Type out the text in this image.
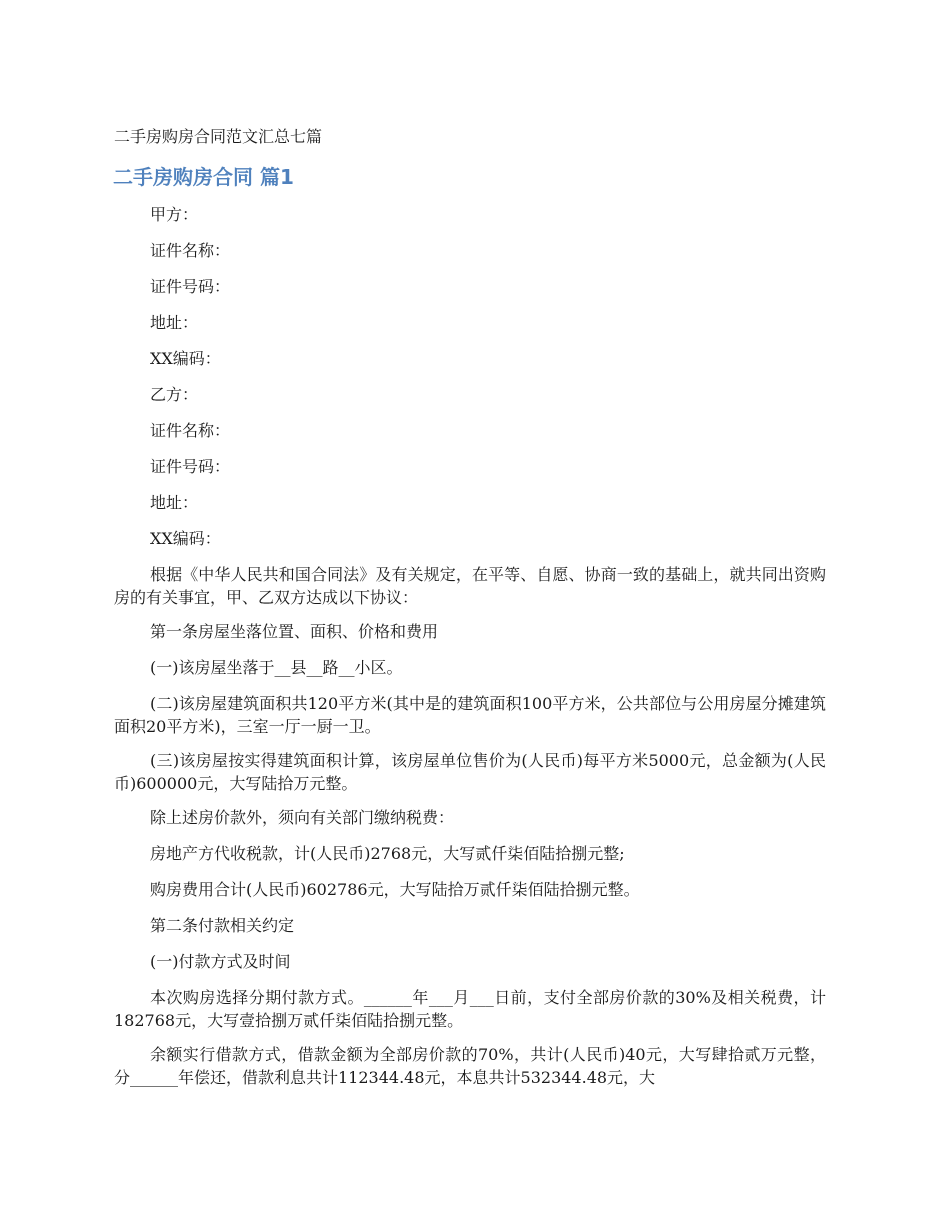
二手房购房合同范文汇总七篇
二手房购房合同 篇1
甲方：
证件名称：
证件号码：
地址：
XX编码：
乙方：
证件名称：
证件号码：
地址：
XX编码：
根据《中华人民共和国合同法》及有关规定，在平等、自愿、协商一致的基础上，就共同出资购房的有关事宜，甲、乙双方达成以下协议：
第一条房屋坐落位置、面积、价格和费用
(一)该房屋坐落于__县__路__小区。
(二)该房屋建筑面积共120平方米(其中是的建筑面积100平方米，公共部位与公用房屋分摊建筑面积20平方米)，三室一厅一厨一卫。
(三)该房屋按实得建筑面积计算，该房屋单位售价为(人民币)每平方米5000元，总金额为(人民币)600000元，大写陆拾万元整。
除上述房价款外，须向有关部门缴纳税费：
房地产方代收税款，计(人民币)2768元，大写贰仟柒佰陆拾捌元整;
购房费用合计(人民币)602786元，大写陆拾万贰仟柒佰陆拾捌元整。
第二条付款相关约定
(一)付款方式及时间
本次购房选择分期付款方式。______年___月___日前，支付全部房价款的30%及相关税费，计182768元，大写壹拾捌万贰仟柒佰陆拾捌元整。
余额实行借款方式，借款金额为全部房价款的70%，共计(人民币)40元，大写肆拾贰万元整，分______年偿还，借款利息共计112344.48元，本息共计532344.48元，大
